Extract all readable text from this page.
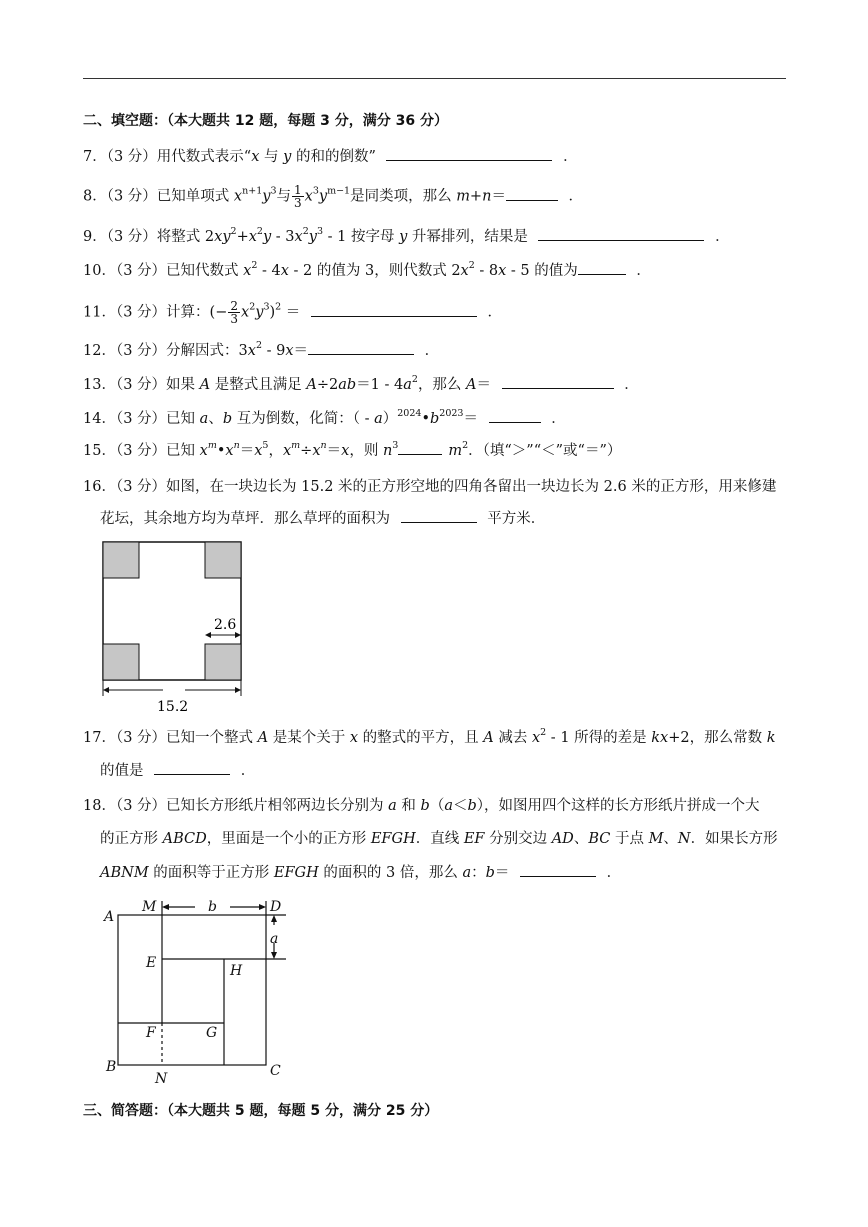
二、填空题：（本大题共 12 题，每题 3 分，满分 36 分）
7．（3 分）用代数式表示“x 与 y 的和的倒数”	．
8．（3 分）已知单项式 $x^{n+1}y^3$与 $\frac{1}{3} x^3y^{m-1}$是同类项，那么 m+n＝	．
9．（3 分）将整式 $2xy^2+x^2y - 3x^2y^3 - 1$ 按字母 y 升幂排列，结果是	．
10．（3 分）已知代数式 $x^2 - 4x - 2$ 的值为 3，则代数式 $2x^2 - 8x - 5$ 的值为	．
11．（3 分）计算：(− $\frac{2}{3} x^2y^3)^2$ ＝	．
12．（3 分）分解因式：$3x^2 - 9x=$	．
13．（3 分）如果 A 是整式且满足 $A\div 2ab=1 - 4a^2$，那么 A＝	．
14．（3 分）已知 a、b 互为倒数，化简：（ - $a)^{2024}•b^{2023}=$	．
15．（3 分）已知 $x^m•x^n=x^5$，$x^m\div x^n=x$，则 $n^3$	$m^2$．（填“＞”“＜”或“＝”）
16．（3 分）如图，在一块边长为 15.2 米的正方形空地的四角各留出一块边长为 2.6 米的正方形，用来修建
花坛，其余地方均为草坪．那么草坪的面积为	平方米．
2.6
15.2
17．（3 分）已知一个整式 A 是某个关于 x 的整式的平方，且 A 减去 $x^2 - 1$ 所得的差是 kx+2，那么常数 k
的值是	．
18．（3 分）已知长方形纸片相邻两边长分别为 a 和 b（a＜b），如图用四个这样的长方形纸片拼成一个大
的正方形 ABCD，里面是一个小的正方形 EFGH．直线 EF 分别交边 AD、BC 于点 M、N．如果长方形
ABNM 的面积等于正方形 EFGH 的面积的 3 倍，那么 a：b＝	．
A
M	b	D
a
E	H
F	G
B
N	C
三、简答题：（本大题共 5 题，每题 5 分，满分 25 分）
